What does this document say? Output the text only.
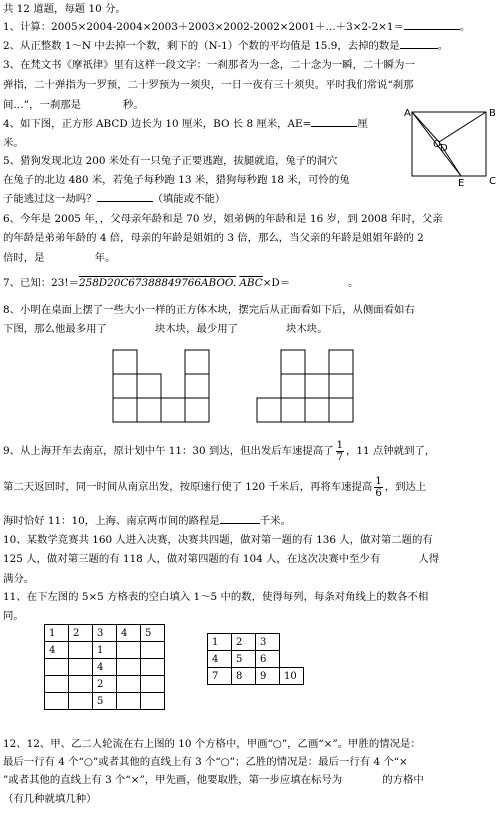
共 12 道题，每题 10 分。
1、计算：2005×2004-2004×2003＋2003×2002-2002×2001＋…＋3×2-2×1＝	。
2、从正整数 1～N 中去掉一个数，剩下的（N-1）个数的平均值是 15.9，去掉的数是	。
3、在梵文书《摩祇律》里有这样一段文字：一刹那者为一念，二十念为一瞬，二十瞬为一
弹指，二十弹指为一罗预，二十罗预为一须臾，一日一夜有三十须臾。平时我们常说“刹那
间…”，一刹那是	秒。
4、如下图，正方形 ABCD 边长为 10 厘米，BO 长 8 厘米，AE=	厘
米。
A	B
O D
E C
5、猎狗发现北边 200 米处有一只兔子正要逃跑，拔腿就追，兔子的洞穴
在兔子的北边 480 米，若兔子每秒跑 13 米，猎狗每秒跑 18 米，可怜的兔
子能逃过这一劫吗？	（填能或不能）
6、今年是 2005 年，，父母亲年龄和是 70 岁，姐弟俩的年龄和是 16 岁，到 2008 年时，父亲
的年龄是弟弟年龄的 4 倍，母亲的年龄是姐姐的 3 倍，那么，当父亲的年龄是姐姐年龄的 2
倍时，是	年。
7、已知：23!＝258D20C67388849766ABOO. $\overline{ABC}\times D=$	。
8、小明在桌面上摆了一些大小一样的正方体木块，摆完后从正面看如下后，从侧面看如右
下图，那么他最多用了	块木块，最少用了	块木块。
9、从上海开车去南京，原计划中午 11：30 到达，但出发后车速提高了 $\frac{1}{7}$ ，11 点钟就到了，
第二天返回时，同一时间从南京出发，按原速行使了 120 千米后，再将车速提高 $\frac{1}{6}$ ，到达上
海时恰好 11：10，上海、南京两市间的路程是	千米。
10、某数学竞赛共 160 人进入决赛，决赛共四题，做对第一题的有 136 人，做对第二题的有
125 人，做对第三题的有 118 人，做对第四题的有 104 人，在这次决赛中至少有	人得
满分。
11、在下左图的 5×5 方格表的空白填入 1～5 中的数，使得每列，每条对角线上的数各不相
同。
1	2	3	4	5
4		1		
		4		
		2		
		5		
1	2	3	
4	5	6	
7	8	9	10
12、12、甲、乙二人轮流在右上图的 10 个方格中，甲画“○”，乙画“×”。甲胜的情况是：
最后一行有 4 个“○”或者其他的直线上有 3 个“○”；乙胜的情况是：最后一行有 4 个“×
”或者其他的直线上有 3 个“×”，甲先画，他要取胜，第一步应填在标号为	的方格中
（有几种就填几种）
